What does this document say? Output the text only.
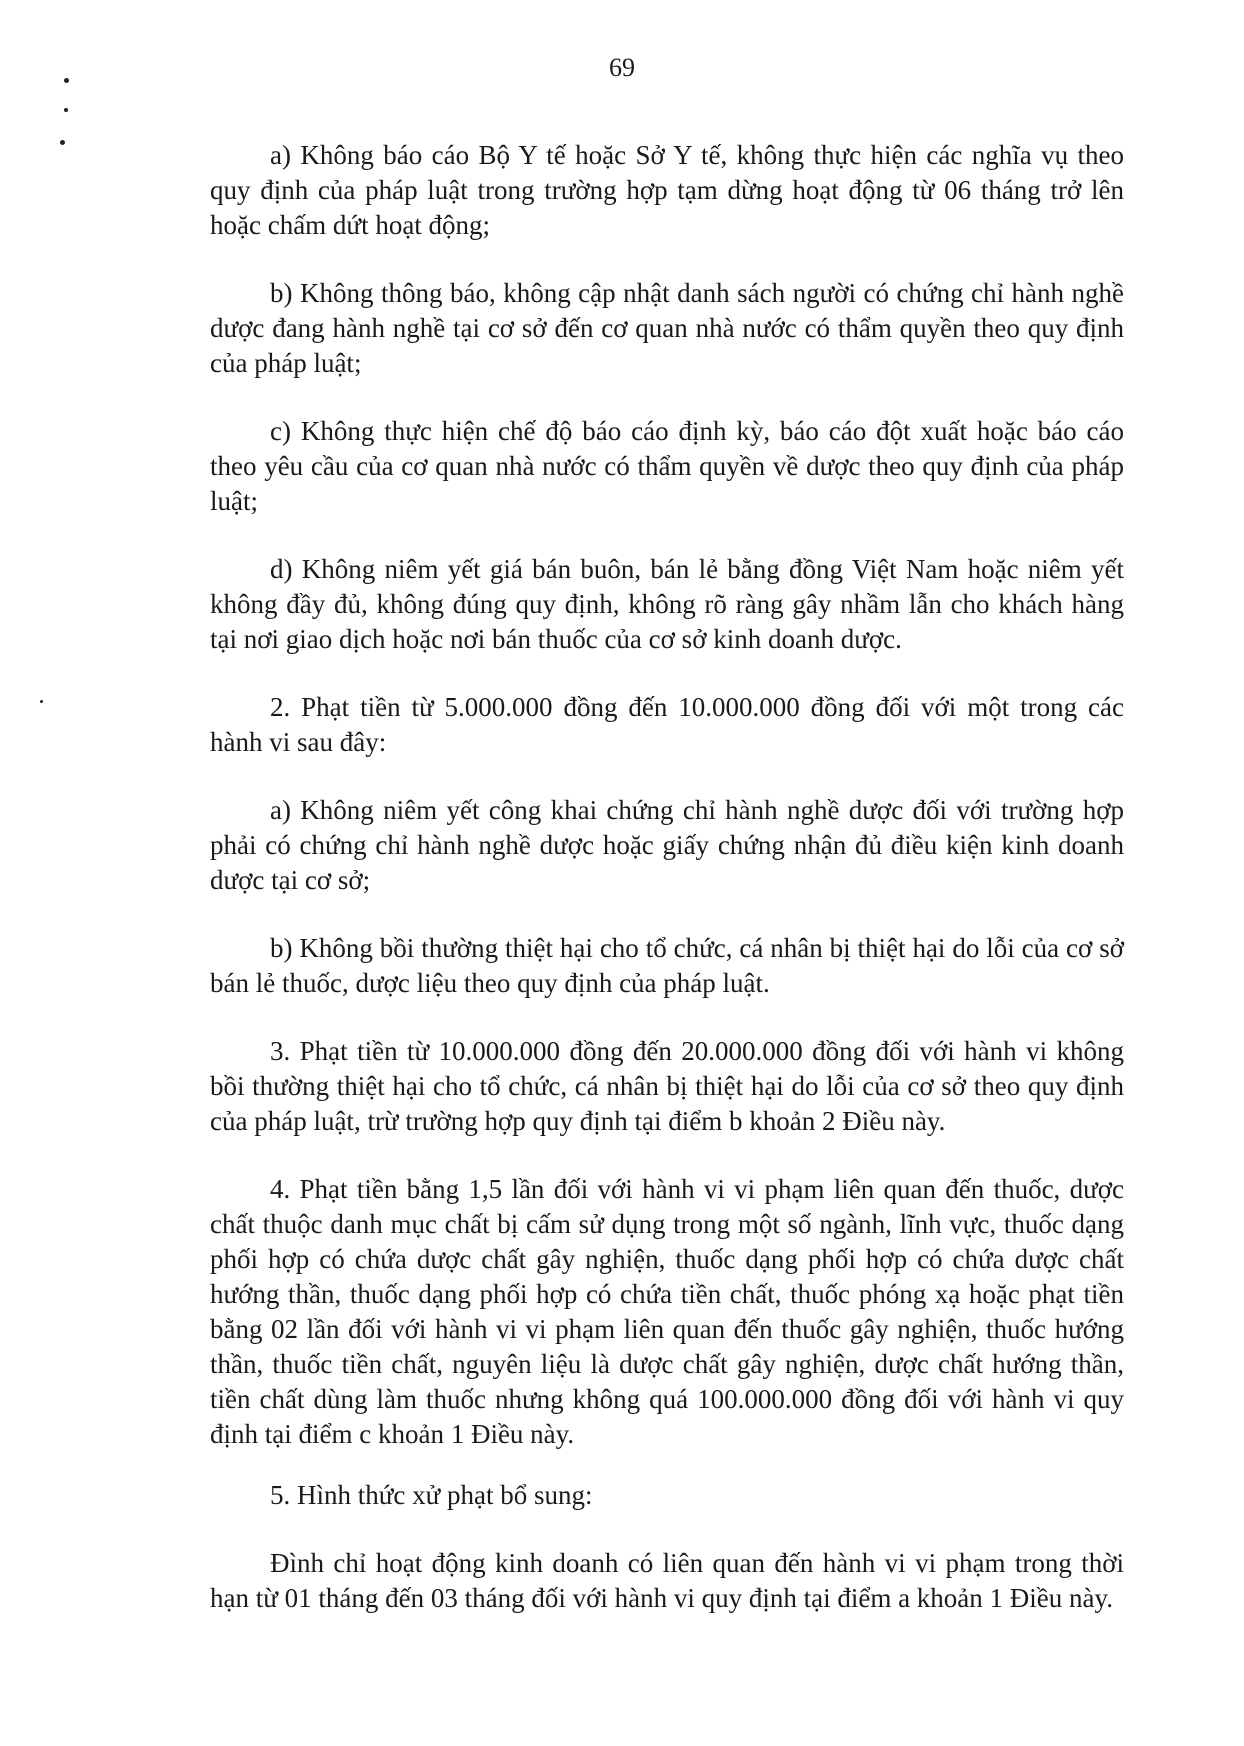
69

a) Không báo cáo Bộ Y tế hoặc Sở Y tế, không thực hiện các nghĩa vụ theo quy định của pháp luật trong trường hợp tạm dừng hoạt động từ 06 tháng trở lên hoặc chấm dứt hoạt động;

b) Không thông báo, không cập nhật danh sách người có chứng chỉ hành nghề dược đang hành nghề tại cơ sở đến cơ quan nhà nước có thẩm quyền theo quy định của pháp luật;

c) Không thực hiện chế độ báo cáo định kỳ, báo cáo đột xuất hoặc báo cáo theo yêu cầu của cơ quan nhà nước có thẩm quyền về dược theo quy định của pháp luật;

d) Không niêm yết giá bán buôn, bán lẻ bằng đồng Việt Nam hoặc niêm yết không đầy đủ, không đúng quy định, không rõ ràng gây nhầm lẫn cho khách hàng tại nơi giao dịch hoặc nơi bán thuốc của cơ sở kinh doanh dược.

2. Phạt tiền từ 5.000.000 đồng đến 10.000.000 đồng đối với một trong các hành vi sau đây:

a) Không niêm yết công khai chứng chỉ hành nghề dược đối với trường hợp phải có chứng chỉ hành nghề dược hoặc giấy chứng nhận đủ điều kiện kinh doanh dược tại cơ sở;

b) Không bồi thường thiệt hại cho tổ chức, cá nhân bị thiệt hại do lỗi của cơ sở bán lẻ thuốc, dược liệu theo quy định của pháp luật.

3. Phạt tiền từ 10.000.000 đồng đến 20.000.000 đồng đối với hành vi không bồi thường thiệt hại cho tổ chức, cá nhân bị thiệt hại do lỗi của cơ sở theo quy định của pháp luật, trừ trường hợp quy định tại điểm b khoản 2 Điều này.

4. Phạt tiền bằng 1,5 lần đối với hành vi vi phạm liên quan đến thuốc, dược chất thuộc danh mục chất bị cấm sử dụng trong một số ngành, lĩnh vực, thuốc dạng phối hợp có chứa dược chất gây nghiện, thuốc dạng phối hợp có chứa dược chất hướng thần, thuốc dạng phối hợp có chứa tiền chất, thuốc phóng xạ hoặc phạt tiền bằng 02 lần đối với hành vi vi phạm liên quan đến thuốc gây nghiện, thuốc hướng thần, thuốc tiền chất, nguyên liệu là dược chất gây nghiện, dược chất hướng thần, tiền chất dùng làm thuốc nhưng không quá 100.000.000 đồng đối với hành vi quy định tại điểm c khoản 1 Điều này.

5. Hình thức xử phạt bổ sung:

Đình chỉ hoạt động kinh doanh có liên quan đến hành vi vi phạm trong thời hạn từ 01 tháng đến 03 tháng đối với hành vi quy định tại điểm a khoản 1 Điều này.
